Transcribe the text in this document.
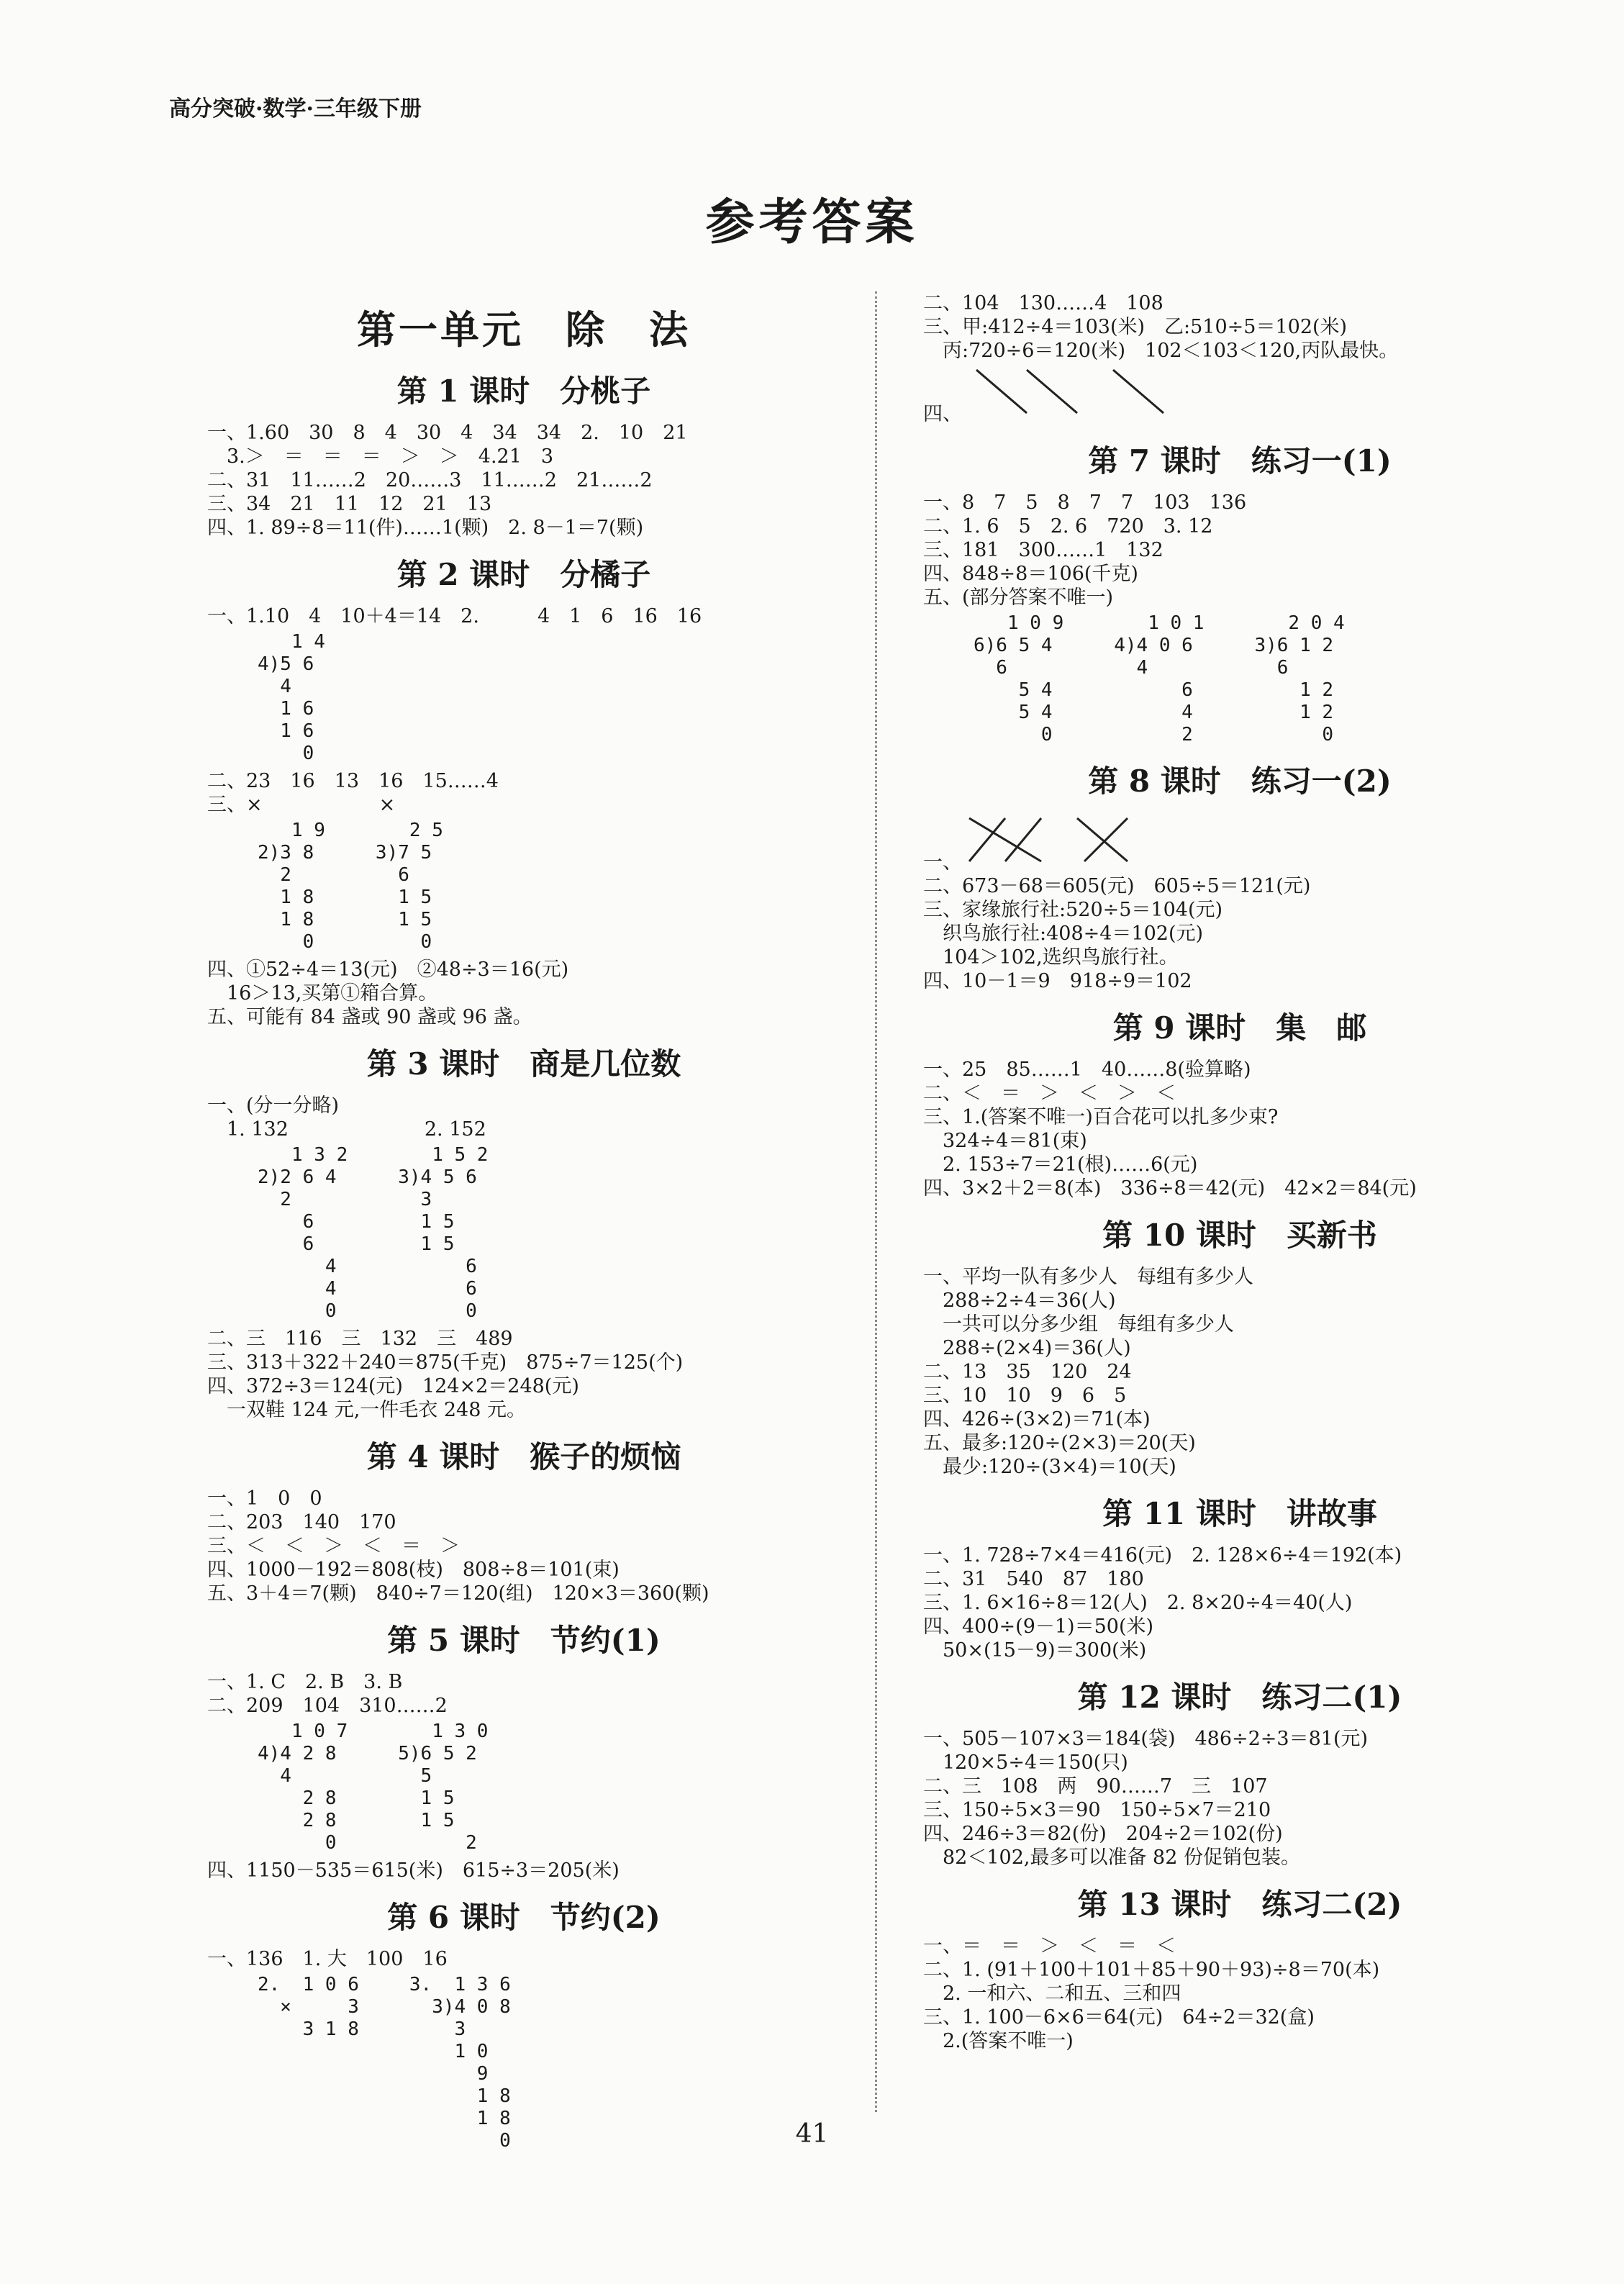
高分突破·数学·三年级下册
参考答案
第一单元　除　法
第 1 课时　分桃子
一、1.60　30　8　4　30　4　34　34　2.　10　21
　3.＞　＝　＝　＝　＞　＞　4.21　3
二、31　11……2　20……3　11……2　21……2
三、34　21　11　12　21　13
四、1. 89÷8＝11(件)……1(颗)　2. 8－1＝7(颗)
第 2 课时　分橘子
一、1.10　4　10＋4＝14　2.　　　4　1　6　16　16
1 4
4)5 6
4
1 6
1 6
0
二、23　16　13　16　15……4
三、×　　　　　　×
1 9
2)3 8
2
1 8
1 8
0
2 5
3)7 5
6
1 5
1 5
0
四、①52÷4＝13(元)　②48÷3＝16(元)
　16＞13,买第①箱合算。
五、可能有 84 盏或 90 盏或 96 盏。
第 3 课时　商是几位数
一、(分一分略)
　1. 132　　　　　　　2. 152
1 3 2
2)2 6 4
2
6
6
4
4
0
1 5 2
3)4 5 6
3
1 5
1 5
6
6
0
二、三　116　三　132　三　489
三、313＋322＋240＝875(千克)　875÷7＝125(个)
四、372÷3＝124(元)　124×2＝248(元)
　一双鞋 124 元,一件毛衣 248 元。
第 4 课时　猴子的烦恼
一、1　0　0
二、203　140　170
三、＜　＜　＞　＜　＝　＞
四、1000－192＝808(枝)　808÷8＝101(束)
五、3＋4＝7(颗)　840÷7＝120(组)　120×3＝360(颗)
第 5 课时　节约(1)
一、1. C　2. B　3. B
二、209　104　310……2
1 0 7
4)4 2 8
4
2 8
2 8
0
1 3 0
5)6 5 2
5
1 5
1 5
2
四、1150－535＝615(米)　615÷3＝205(米)
第 6 课时　节约(2)
一、136　1. 大　100　16
2.  1 0 6
×     3
3 1 8
3.  1 3 6
3)4 0 8
3
1 0
9
1 8
1 8
0
二、104　130……4　108
三、甲:412÷4＝103(米)　乙:510÷5＝102(米)
　丙:720÷6＝120(米)　102＜103＜120,丙队最快。
四、
第 7 课时　练习一(1)
一、8　7　5　8　7　7　103　136
二、1. 6　5　2. 6　720　3. 12
三、181　300……1　132
四、848÷8＝106(千克)
五、(部分答案不唯一)
1 0 9
6)6 5 4
6
5 4
5 4
0
1 0 1
4)4 0 6
4
6
4
2
2 0 4
3)6 1 2
6
1 2
1 2
0
第 8 课时　练习一(2)
一、
二、673－68＝605(元)　605÷5＝121(元)
三、家缘旅行社:520÷5＝104(元)
　织鸟旅行社:408÷4＝102(元)
　104＞102,选织鸟旅行社。
四、10－1＝9　918÷9＝102
第 9 课时　集　邮
一、25　85……1　40……8(验算略)
二、＜　＝　＞　＜　＞　＜
三、1.(答案不唯一)百合花可以扎多少束?
　324÷4＝81(束)
　2. 153÷7＝21(根)……6(元)
四、3×2＋2＝8(本)　336÷8＝42(元)　42×2＝84(元)
第 10 课时　买新书
一、平均一队有多少人　每组有多少人
　288÷2÷4＝36(人)
　一共可以分多少组　每组有多少人
　288÷(2×4)＝36(人)
二、13　35　120　24
三、10　10　9　6　5
四、426÷(3×2)＝71(本)
五、最多:120÷(2×3)＝20(天)
　最少:120÷(3×4)＝10(天)
第 11 课时　讲故事
一、1. 728÷7×4＝416(元)　2. 128×6÷4＝192(本)
二、31　540　87　180
三、1. 6×16÷8＝12(人)　2. 8×20÷4＝40(人)
四、400÷(9－1)＝50(米)
　50×(15－9)＝300(米)
第 12 课时　练习二(1)
一、505－107×3＝184(袋)　486÷2÷3＝81(元)
　120×5÷4＝150(只)
二、三　108　两　90……7　三　107
三、150÷5×3＝90　150÷5×7＝210
四、246÷3＝82(份)　204÷2＝102(份)
　82＜102,最多可以准备 82 份促销包装。
第 13 课时　练习二(2)
一、＝　＝　＞　＜　＝　＜
二、1. (91＋100＋101＋85＋90＋93)÷8＝70(本)
　2. 一和六、二和五、三和四
三、1. 100－6×6＝64(元)　64÷2＝32(盒)
　2.(答案不唯一)
41
